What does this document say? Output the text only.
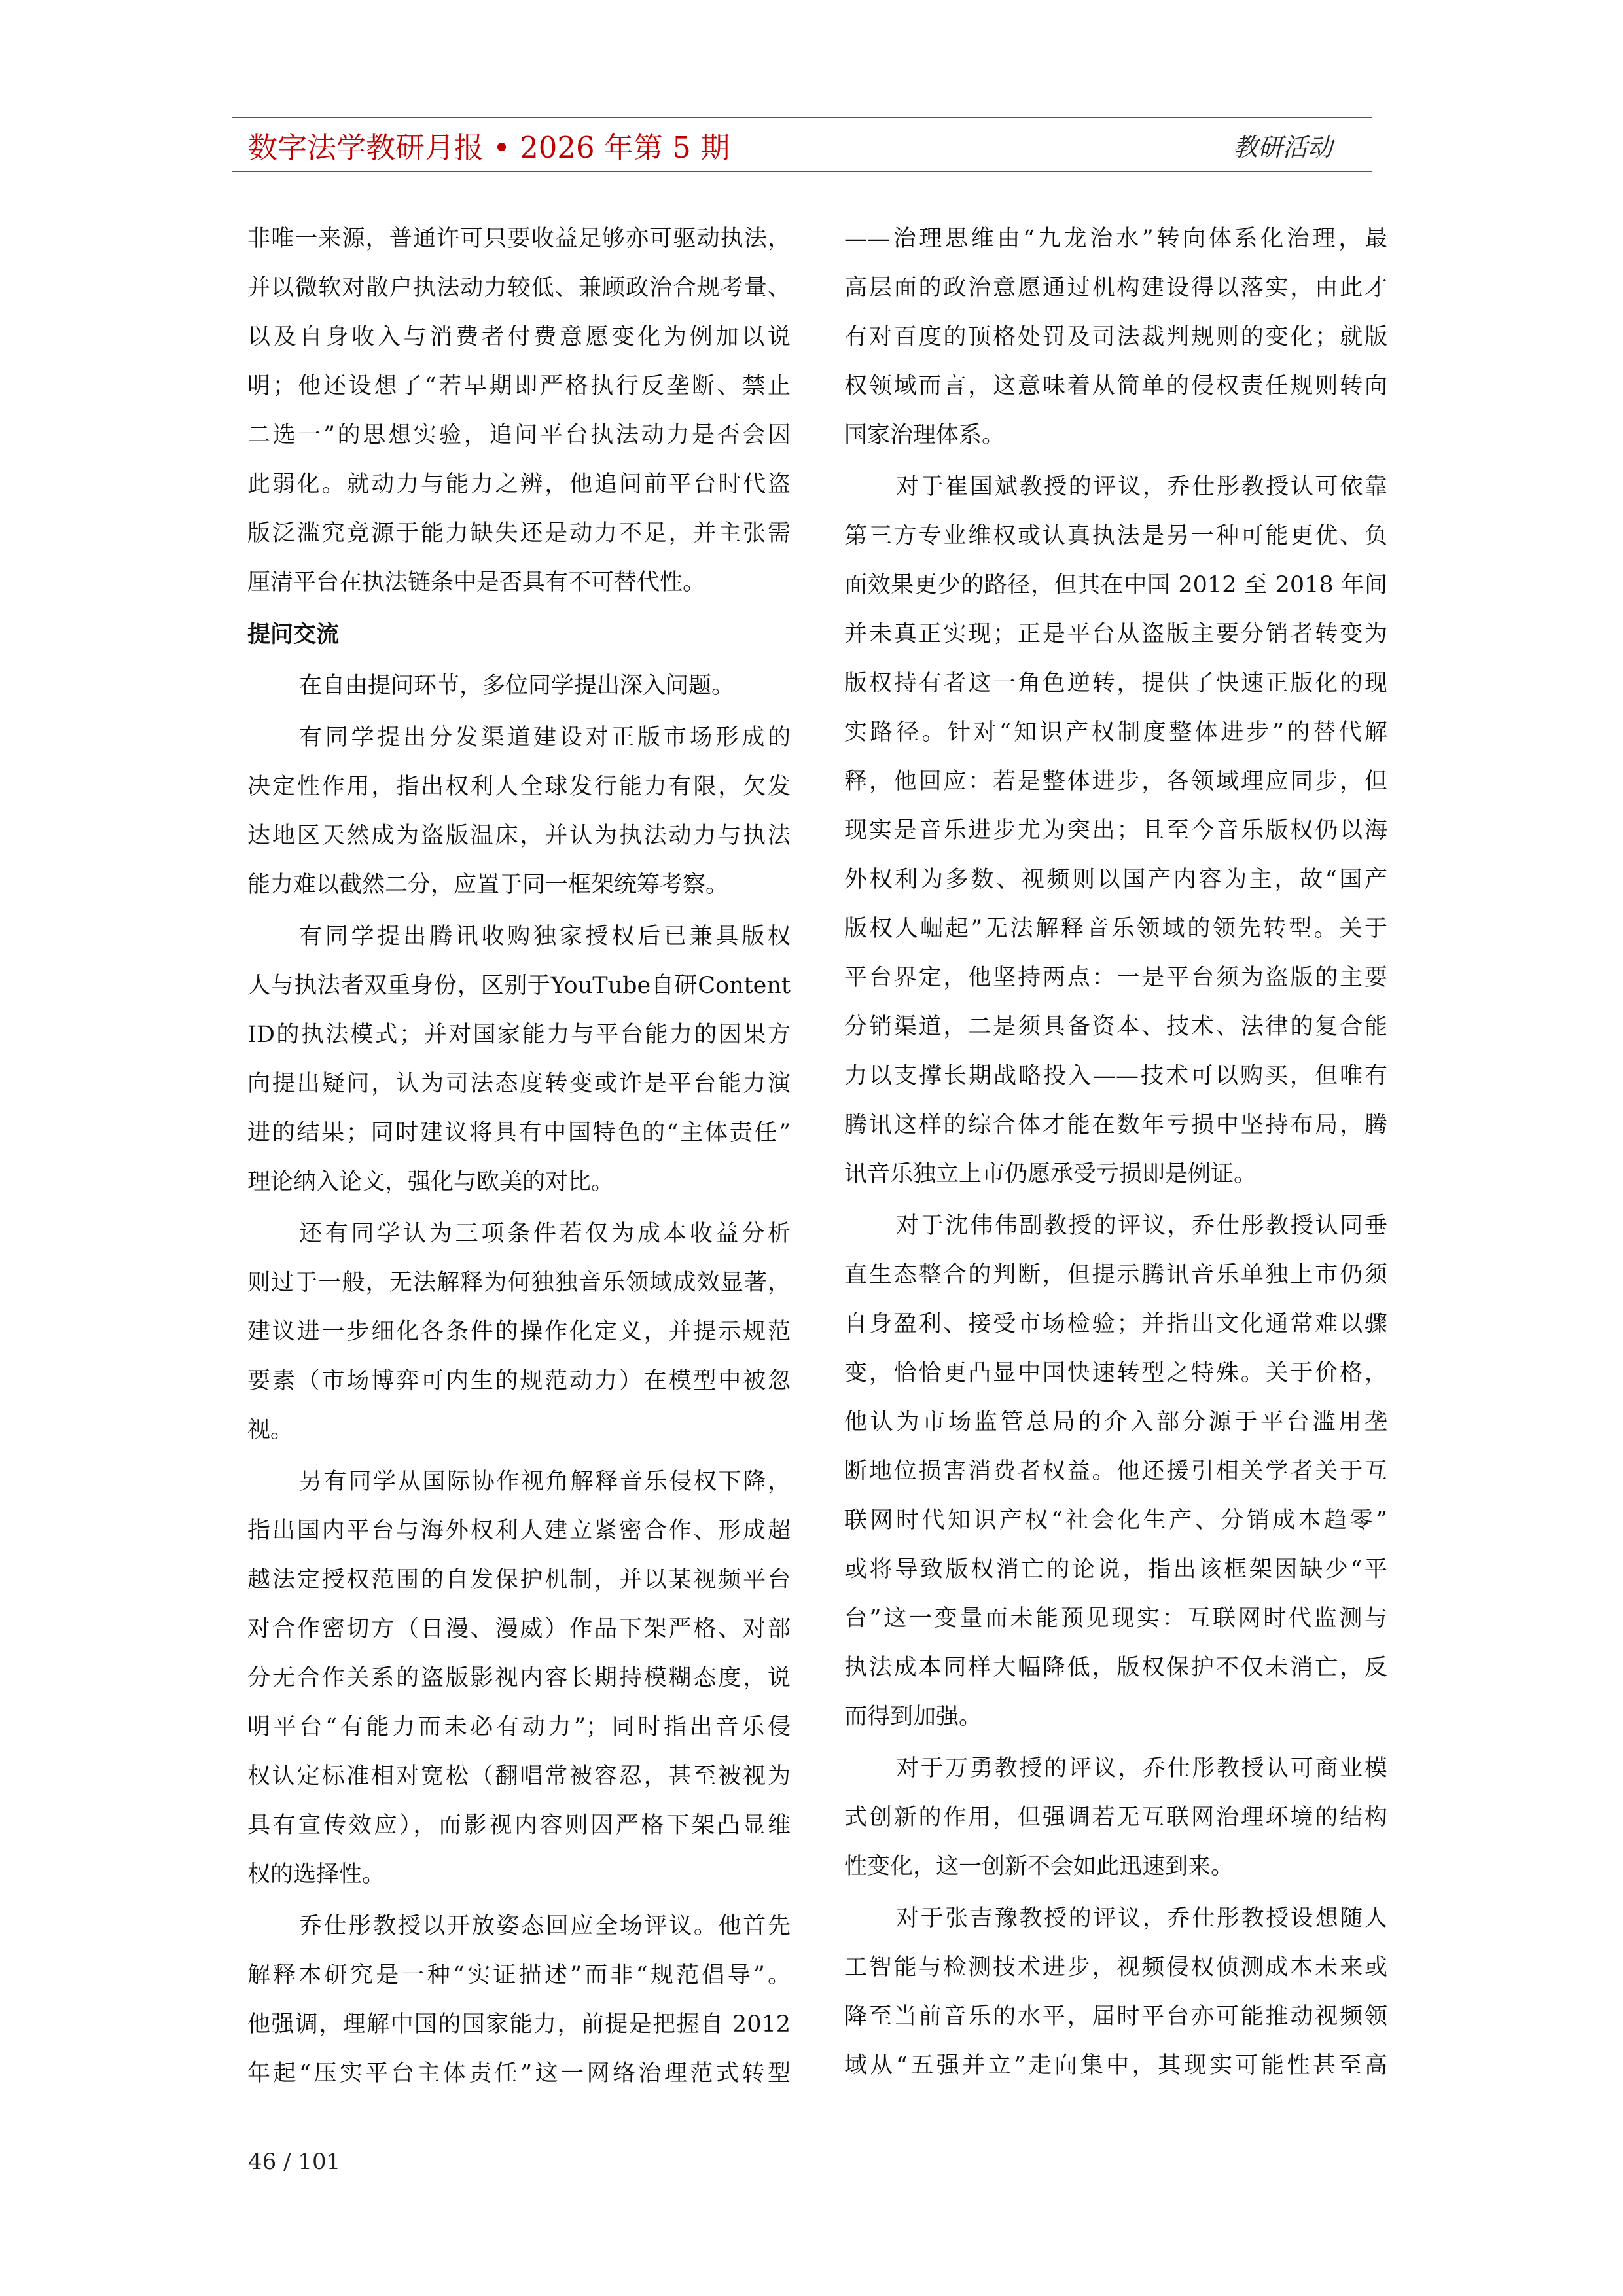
数字法学教研月报 • 2026 年第 5 期	教研活动
非唯一来源，普通许可只要收益足够亦可驱动执法，
并以微软对散户执法动力较低、兼顾政治合规考量、
以及自身收入与消费者付费意愿变化为例加以说
明；他还设想了“若早期即严格执行反垄断、禁止
二选一”的思想实验，追问平台执法动力是否会因
此弱化。就动力与能力之辨，他追问前平台时代盗
版泛滥究竟源于能力缺失还是动力不足，并主张需
厘清平台在执法链条中是否具有不可替代性。
提问交流
在自由提问环节，多位同学提出深入问题。
有同学提出分发渠道建设对正版市场形成的
决定性作用，指出权利人全球发行能力有限，欠发
达地区天然成为盗版温床，并认为执法动力与执法
能力难以截然二分，应置于同一框架统筹考察。
有同学提出腾讯收购独家授权后已兼具版权
人与执法者双重身份，区别于YouTube自研Content
ID的执法模式；并对国家能力与平台能力的因果方
向提出疑问，认为司法态度转变或许是平台能力演
进的结果；同时建议将具有中国特色的“主体责任”
理论纳入论文，强化与欧美的对比。
还有同学认为三项条件若仅为成本收益分析
则过于一般，无法解释为何独独音乐领域成效显著，
建议进一步细化各条件的操作化定义，并提示规范
要素（市场博弈可内生的规范动力）在模型中被忽
视。
另有同学从国际协作视角解释音乐侵权下降，
指出国内平台与海外权利人建立紧密合作、形成超
越法定授权范围的自发保护机制，并以某视频平台
对合作密切方（日漫、漫威）作品下架严格、对部
分无合作关系的盗版影视内容长期持模糊态度，说
明平台“有能力而未必有动力”；同时指出音乐侵
权认定标准相对宽松（翻唱常被容忍，甚至被视为
具有宣传效应），而影视内容则因严格下架凸显维
权的选择性。
乔仕彤教授以开放姿态回应全场评议。他首先
解释本研究是一种“实证描述”而非“规范倡导”。
他强调，理解中国的国家能力，前提是把握自 2012
年起“压实平台主体责任”这一网络治理范式转型
——治理思维由“九龙治水”转向体系化治理，最
高层面的政治意愿通过机构建设得以落实，由此才
有对百度的顶格处罚及司法裁判规则的变化；就版
权领域而言，这意味着从简单的侵权责任规则转向
国家治理体系。
对于崔国斌教授的评议，乔仕彤教授认可依靠
第三方专业维权或认真执法是另一种可能更优、负
面效果更少的路径，但其在中国 2012 至 2018 年间
并未真正实现；正是平台从盗版主要分销者转变为
版权持有者这一角色逆转，提供了快速正版化的现
实路径。针对“知识产权制度整体进步”的替代解
释，他回应：若是整体进步，各领域理应同步，但
现实是音乐进步尤为突出；且至今音乐版权仍以海
外权利为多数、视频则以国产内容为主，故“国产
版权人崛起”无法解释音乐领域的领先转型。关于
平台界定，他坚持两点：一是平台须为盗版的主要
分销渠道，二是须具备资本、技术、法律的复合能
力以支撑长期战略投入——技术可以购买，但唯有
腾讯这样的综合体才能在数年亏损中坚持布局，腾
讯音乐独立上市仍愿承受亏损即是例证。
对于沈伟伟副教授的评议，乔仕彤教授认同垂
直生态整合的判断，但提示腾讯音乐单独上市仍须
自身盈利、接受市场检验；并指出文化通常难以骤
变，恰恰更凸显中国快速转型之特殊。关于价格，
他认为市场监管总局的介入部分源于平台滥用垄
断地位损害消费者权益。他还援引相关学者关于互
联网时代知识产权“社会化生产、分销成本趋零”
或将导致版权消亡的论说，指出该框架因缺少“平
台”这一变量而未能预见现实：互联网时代监测与
执法成本同样大幅降低，版权保护不仅未消亡，反
而得到加强。
对于万勇教授的评议，乔仕彤教授认可商业模
式创新的作用，但强调若无互联网治理环境的结构
性变化，这一创新不会如此迅速到来。
对于张吉豫教授的评议，乔仕彤教授设想随人
工智能与检测技术进步，视频侵权侦测成本未来或
降至当前音乐的水平，届时平台亦可能推动视频领
域从“五强并立”走向集中，其现实可能性甚至高
46 / 101
